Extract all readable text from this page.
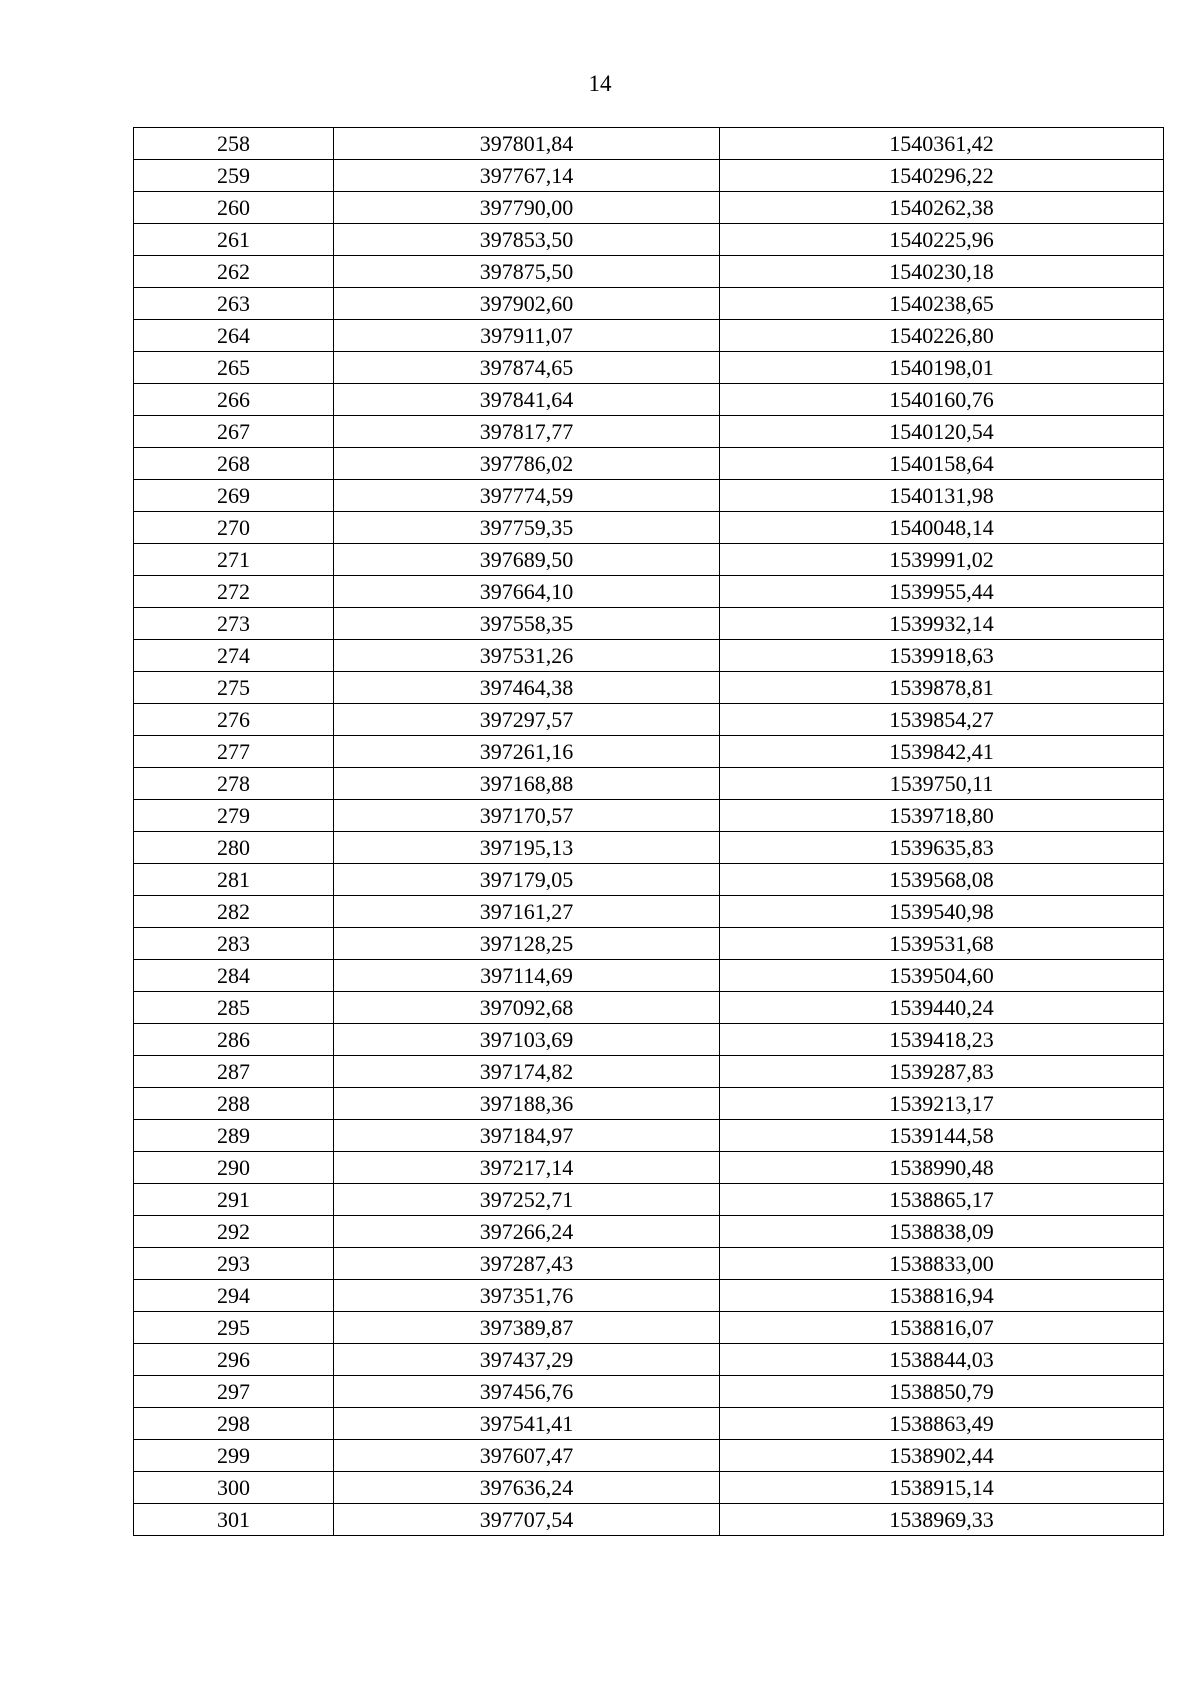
14
258	397801,84	1540361,42
259	397767,14	1540296,22
260	397790,00	1540262,38
261	397853,50	1540225,96
262	397875,50	1540230,18
263	397902,60	1540238,65
264	397911,07	1540226,80
265	397874,65	1540198,01
266	397841,64	1540160,76
267	397817,77	1540120,54
268	397786,02	1540158,64
269	397774,59	1540131,98
270	397759,35	1540048,14
271	397689,50	1539991,02
272	397664,10	1539955,44
273	397558,35	1539932,14
274	397531,26	1539918,63
275	397464,38	1539878,81
276	397297,57	1539854,27
277	397261,16	1539842,41
278	397168,88	1539750,11
279	397170,57	1539718,80
280	397195,13	1539635,83
281	397179,05	1539568,08
282	397161,27	1539540,98
283	397128,25	1539531,68
284	397114,69	1539504,60
285	397092,68	1539440,24
286	397103,69	1539418,23
287	397174,82	1539287,83
288	397188,36	1539213,17
289	397184,97	1539144,58
290	397217,14	1538990,48
291	397252,71	1538865,17
292	397266,24	1538838,09
293	397287,43	1538833,00
294	397351,76	1538816,94
295	397389,87	1538816,07
296	397437,29	1538844,03
297	397456,76	1538850,79
298	397541,41	1538863,49
299	397607,47	1538902,44
300	397636,24	1538915,14
301	397707,54	1538969,33
